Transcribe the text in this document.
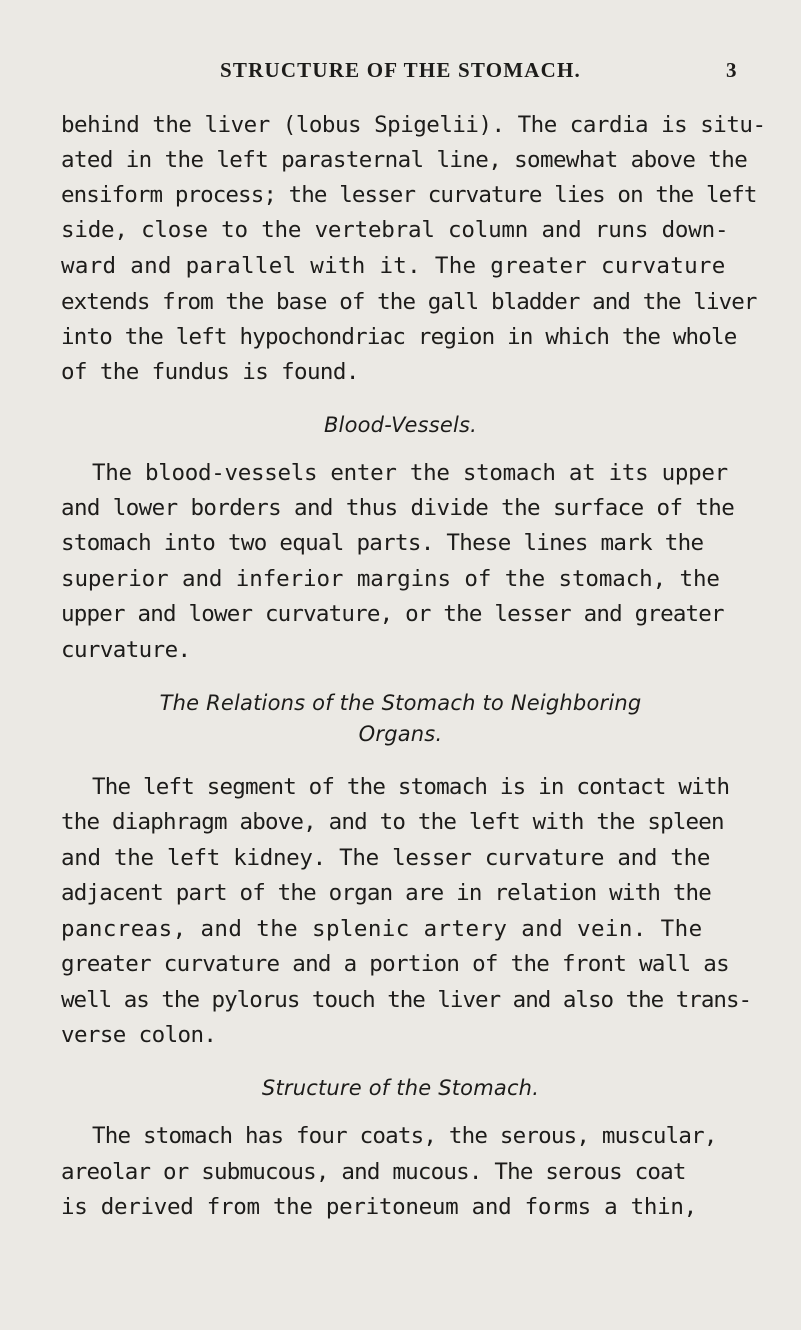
STRUCTURE OF THE STOMACH.	3
behind the liver (lobus Spigelii). The cardia is situ-
ated in the left parasternal line, somewhat above the
ensiform process; the lesser curvature lies on the left
side, close to the vertebral column and runs down-
ward and parallel with it. The greater curvature
extends from the base of the gall bladder and the liver
into the left hypochondriac region in which the whole
of the fundus is found.
Blood-Vessels.
The blood-vessels enter the stomach at its upper
and lower borders and thus divide the surface of the
stomach into two equal parts. These lines mark the
superior and inferior margins of the stomach, the
upper and lower curvature, or the lesser and greater
curvature.
The Relations of the Stomach to Neighboring
Organs.
The left segment of the stomach is in contact with
the diaphragm above, and to the left with the spleen
and the left kidney. The lesser curvature and the
adjacent part of the organ are in relation with the
pancreas, and the splenic artery and vein. The
greater curvature and a portion of the front wall as
well as the pylorus touch the liver and also the trans-
verse colon.
Structure of the Stomach.
The stomach has four coats, the serous, muscular,
areolar or submucous, and mucous. The serous coat
is derived from the peritoneum and forms a thin,
